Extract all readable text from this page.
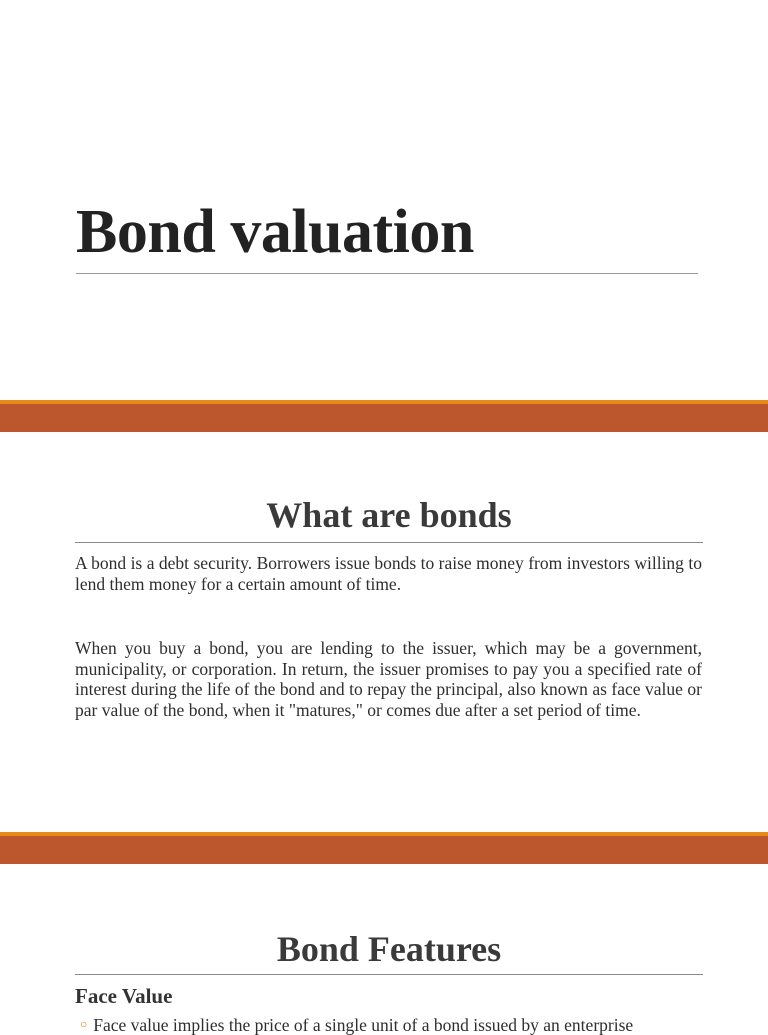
Bond valuation
What are bonds

A bond is a debt security. Borrowers issue bonds to raise money from investors willing to lend them money for a certain amount of time.

When you buy a bond, you are lending to the issuer, which may be a government, municipality, or corporation. In return, the issuer promises to pay you a specified rate of interest during the life of the bond and to repay the principal, also known as face value or par value of the bond, when it "matures," or comes due after a set period of time.

Bond Features
Face Value
○ Face value implies the price of a single unit of a bond issued by an enterprise
